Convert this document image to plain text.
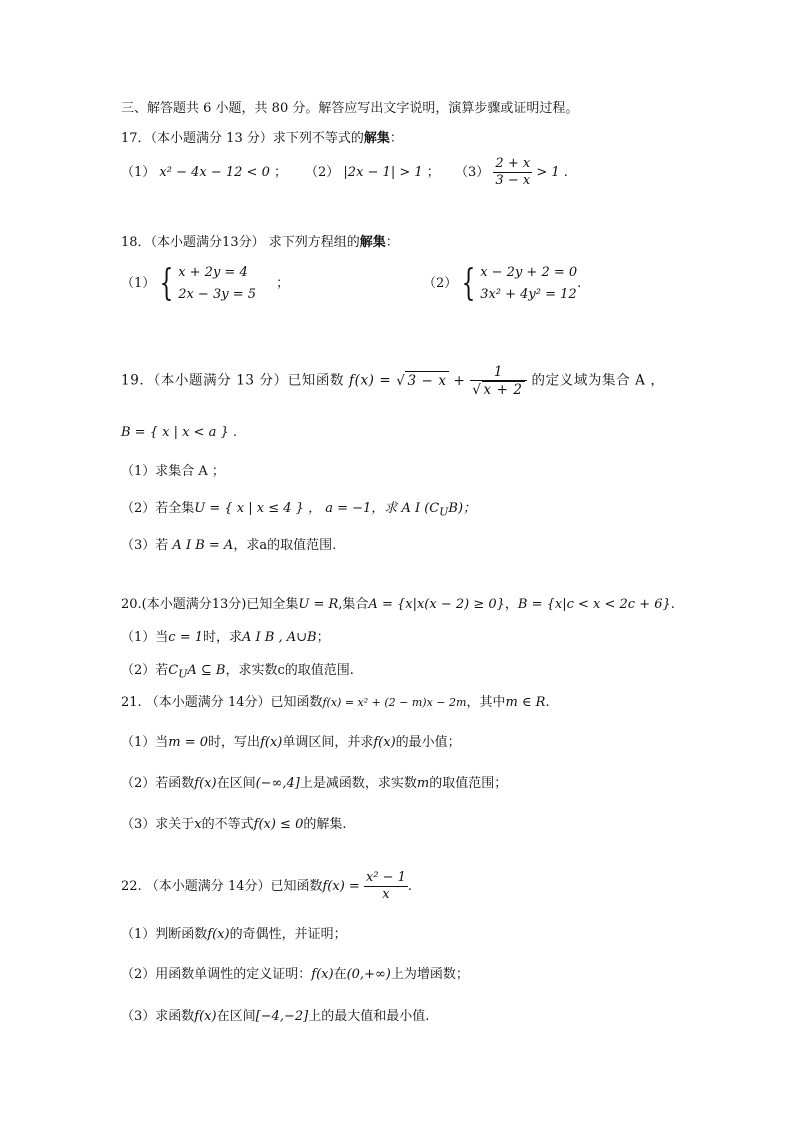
三、解答题共 6 小题，共 80 分。解答应写出文字说明，演算步骤或证明过程。
17．（本小题满分 13 分）求下列不等式的解集：
（1） x² − 4x − 12 < 0 ； （2） |2x − 1| > 1 ； $(3) \frac{2 + x}{3 - x} > 1$ .
18．（本小题满分13分） 求下列方程组的解集：
（1） { x + 2y = 4
2x − 3y = 5
；	（2） { x − 2y + 2 = 0
3x² + 4y² = 12
.
19．（本小题满分 13 分）已知函数 f(x) = √ $3 - x + \frac{1}{√ x + 2}$ 的定义域为集合 A ，
B = { x | x < a } .
（1）求集合 A ；
（2）若全集U = { x | x ≤ 4 } ， a = −1，求 A I $(C_UB)$；
（3）若 A I B = A，求a的取值范围.
20.(本小题满分13分)已知全集U = R,集合A = {x|x(x − 2) ≥ 0}，B = {x|c < x < 2c + 6}.
（1）当c = 1时，求A I B , A∪B；
（2）若$C_UA$ ⊆ B，求实数c的取值范围.
21. （本小题满分 14分）已知函数f(x) = x² + (2 − m)x − 2m，其中m ∈ R.
（1）当m = 0时，写出f(x)单调区间，并求f(x)的最小值；
（2）若函数f(x)在区间(−∞,4]上是减函数，求实数m的取值范围；
（3）求关于x的不等式f(x) ≤ 0的解集.
22. （本小题满分 14分）已知函数$f(x) = \frac{\text{x² − 1}}{x}$ .
（1）判断函数f(x)的奇偶性，并证明；
（2）用函数单调性的定义证明：f(x)在(0,+∞)上为增函数；
（3）求函数f(x)在区间[−4,−2]上的最大值和最小值.
